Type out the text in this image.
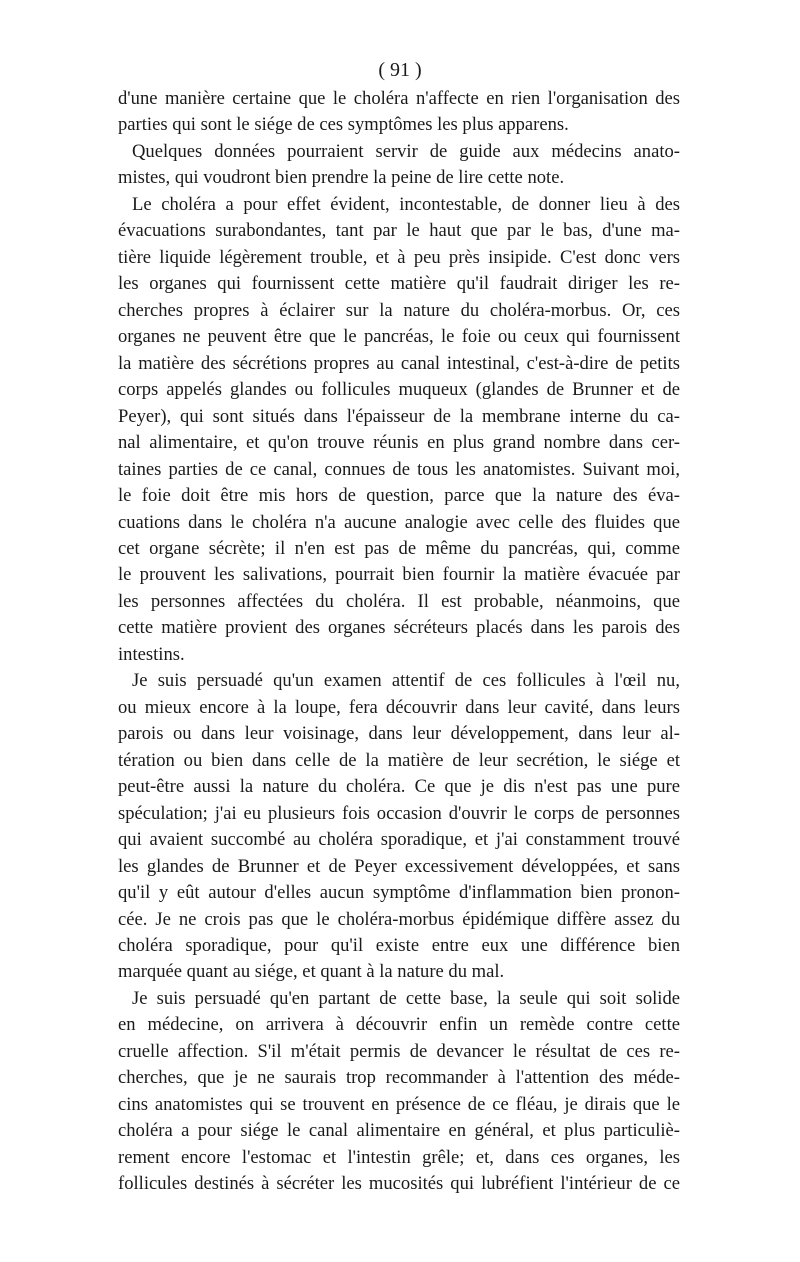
( 91 )
d'une manière certaine que le choléra n'affecte en rien l'organisation des
parties qui sont le siége de ces symptômes les plus apparens.
Quelques données pourraient servir de guide aux médecins anato-
mistes, qui voudront bien prendre la peine de lire cette note.
Le choléra a pour effet évident, incontestable, de donner lieu à des
évacuations surabondantes, tant par le haut que par le bas, d'une ma-
tière liquide légèrement trouble, et à peu près insipide. C'est donc vers
les organes qui fournissent cette matière qu'il faudrait diriger les re-
cherches propres à éclairer sur la nature du choléra-morbus. Or, ces
organes ne peuvent être que le pancréas, le foie ou ceux qui fournissent
la matière des sécrétions propres au canal intestinal, c'est-à-dire de petits
corps appelés glandes ou follicules muqueux (glandes de Brunner et de
Peyer), qui sont situés dans l'épaisseur de la membrane interne du ca-
nal alimentaire, et qu'on trouve réunis en plus grand nombre dans cer-
taines parties de ce canal, connues de tous les anatomistes. Suivant moi,
le foie doit être mis hors de question, parce que la nature des éva-
cuations dans le choléra n'a aucune analogie avec celle des fluides que
cet organe sécrète; il n'en est pas de même du pancréas, qui, comme
le prouvent les salivations, pourrait bien fournir la matière évacuée par
les personnes affectées du choléra. Il est probable, néanmoins, que
cette matière provient des organes sécréteurs placés dans les parois des
intestins.
Je suis persuadé qu'un examen attentif de ces follicules à l'œil nu,
ou mieux encore à la loupe, fera découvrir dans leur cavité, dans leurs
parois ou dans leur voisinage, dans leur développement, dans leur al-
tération ou bien dans celle de la matière de leur secrétion, le siége et
peut-être aussi la nature du choléra. Ce que je dis n'est pas une pure
spéculation; j'ai eu plusieurs fois occasion d'ouvrir le corps de personnes
qui avaient succombé au choléra sporadique, et j'ai constamment trouvé
les glandes de Brunner et de Peyer excessivement développées, et sans
qu'il y eût autour d'elles aucun symptôme d'inflammation bien pronon-
cée. Je ne crois pas que le choléra-morbus épidémique diffère assez du
choléra sporadique, pour qu'il existe entre eux une différence bien
marquée quant au siége, et quant à la nature du mal.
Je suis persuadé qu'en partant de cette base, la seule qui soit solide
en médecine, on arrivera à découvrir enfin un remède contre cette
cruelle affection. S'il m'était permis de devancer le résultat de ces re-
cherches, que je ne saurais trop recommander à l'attention des méde-
cins anatomistes qui se trouvent en présence de ce fléau, je dirais que le
choléra a pour siége le canal alimentaire en général, et plus particuliè-
rement encore l'estomac et l'intestin grêle; et, dans ces organes, les
follicules destinés à sécréter les mucosités qui lubréfient l'intérieur de ce
